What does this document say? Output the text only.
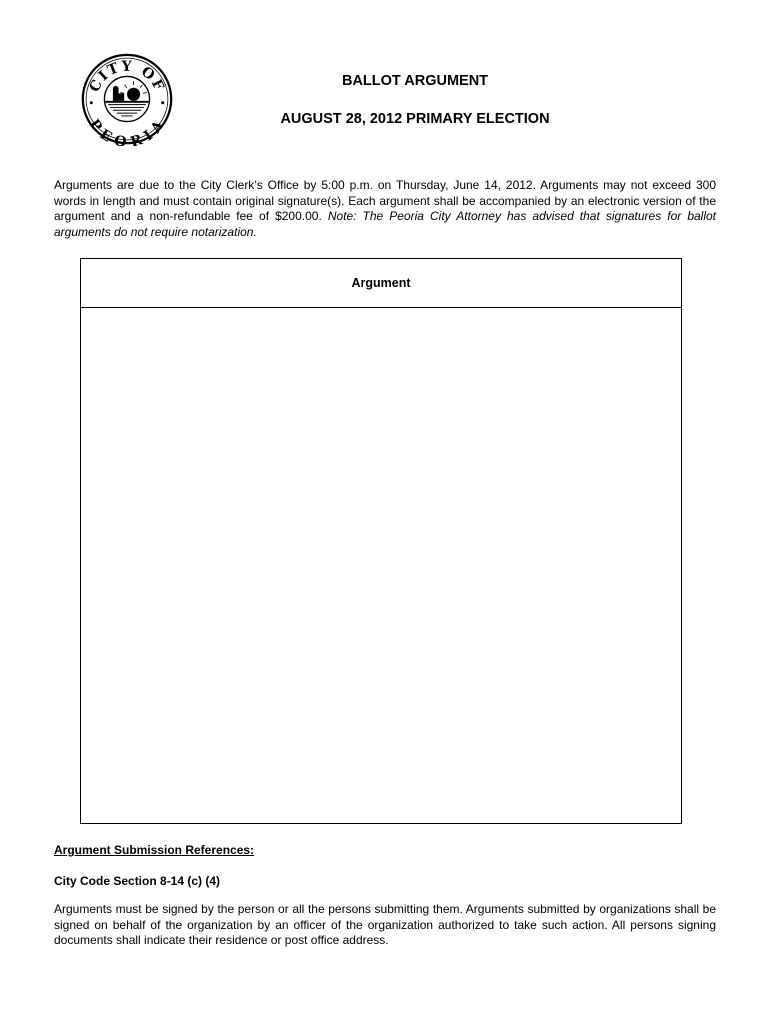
CITY OF
PEORIA
BALLOT ARGUMENT
AUGUST 28, 2012 PRIMARY ELECTION

Arguments are due to the City Clerk’s Office by 5:00 p.m. on Thursday, June 14, 2012. Arguments may not exceed 300 words in length and must contain original signature(s). Each argument shall be accompanied by an electronic version of the argument and a non-refundable fee of $200.00. Note: The Peoria City Attorney has advised that signatures for ballot arguments do not require notarization.

Argument
Argument Submission References:
City Code Section 8-14 (c) (4)

Arguments must be signed by the person or all the persons submitting them. Arguments submitted by organizations shall be signed on behalf of the organization by an officer of the organization authorized to take such action. All persons signing documents shall indicate their residence or post office address.
